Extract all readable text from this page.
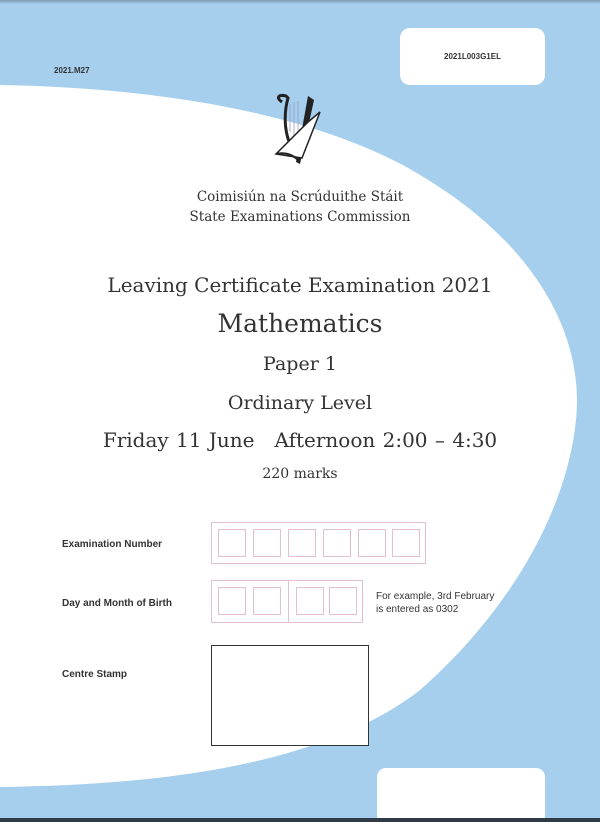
2021.M27
2021L003G1EL
Coimisiún na Scrúduithe Stáit
State Examinations Commission
Leaving Certificate Examination 2021
Mathematics
Paper 1
Ordinary Level
Friday 11 June Afternoon 2:00 – 4:30
220 marks
Examination Number
Day and Month of Birth
For example, 3rd February
is entered as 0302
Centre Stamp
